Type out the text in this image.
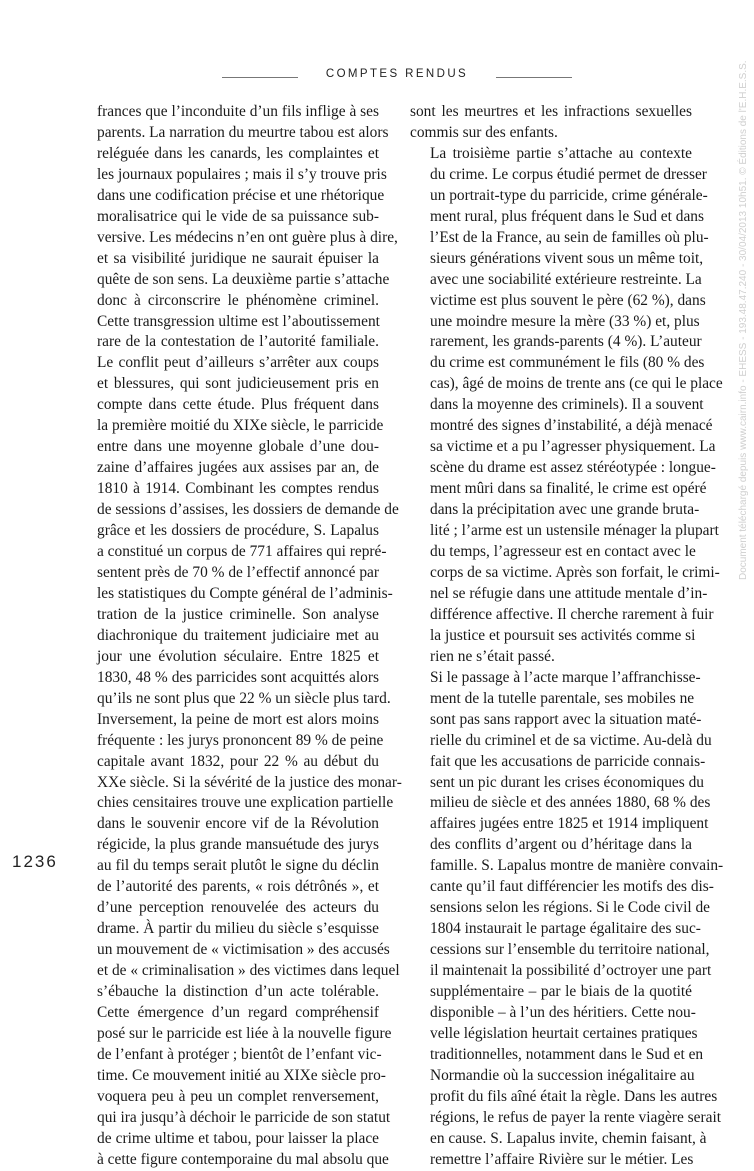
COMPTES RENDUS

frances que l’inconduite d’un fils inflige à ses
parents. La narration du meurtre tabou est alors
reléguée dans les canards, les complaintes et
les journaux populaires ; mais il s’y trouve pris
dans une codification précise et une rhétorique
moralisatrice qui le vide de sa puissance sub-
versive. Les médecins n’en ont guère plus à dire,
et sa visibilité juridique ne saurait épuiser la
quête de son sens. La deuxième partie s’attache
donc à circonscrire le phénomène criminel.
Cette transgression ultime est l’aboutissement
rare de la contestation de l’autorité familiale.
Le conflit peut d’ailleurs s’arrêter aux coups
et blessures, qui sont judicieusement pris en
compte dans cette étude. Plus fréquent dans
la première moitié du XIXe siècle, le parricide
entre dans une moyenne globale d’une dou-
zaine d’affaires jugées aux assises par an, de
1810 à 1914. Combinant les comptes rendus
de sessions d’assises, les dossiers de demande de
grâce et les dossiers de procédure, S. Lapalus
a constitué un corpus de 771 affaires qui repré-
sentent près de 70 % de l’effectif annoncé par
les statistiques du Compte général de l’adminis-
tration de la justice criminelle. Son analyse
diachronique du traitement judiciaire met au
jour une évolution séculaire. Entre 1825 et
1830, 48 % des parricides sont acquittés alors
qu’ils ne sont plus que 22 % un siècle plus tard.
Inversement, la peine de mort est alors moins
fréquente : les jurys prononcent 89 % de peine
capitale avant 1832, pour 22 % au début du
XXe siècle. Si la sévérité de la justice des monar-
chies censitaires trouve une explication partielle
dans le souvenir encore vif de la Révolution
régicide, la plus grande mansuétude des jurys
au fil du temps serait plutôt le signe du déclin
de l’autorité des parents, « rois détrônés », et
d’une perception renouvelée des acteurs du
drame. À partir du milieu du siècle s’esquisse
un mouvement de « victimisation » des accusés
et de « criminalisation » des victimes dans lequel
s’ébauche la distinction d’un acte tolérable.
Cette émergence d’un regard compréhensif
posé sur le parricide est liée à la nouvelle figure
de l’enfant à protéger ; bientôt de l’enfant vic-
time. Ce mouvement initié au XIXe siècle pro-
voquera peu à peu un complet renversement,
qui ira jusqu’à déchoir le parricide de son statut
de crime ultime et tabou, pour laisser la place
à cette figure contemporaine du mal absolu que

sont les meurtres et les infractions sexuelles
commis sur des enfants.

La troisième partie s’attache au contexte
du crime. Le corpus étudié permet de dresser
un portrait-type du parricide, crime générale-
ment rural, plus fréquent dans le Sud et dans
l’Est de la France, au sein de familles où plu-
sieurs générations vivent sous un même toit,
avec une sociabilité extérieure restreinte. La
victime est plus souvent le père (62 %), dans
une moindre mesure la mère (33 %) et, plus
rarement, les grands-parents (4 %). L’auteur
du crime est communément le fils (80 % des
cas), âgé de moins de trente ans (ce qui le place
dans la moyenne des criminels). Il a souvent
montré des signes d’instabilité, a déjà menacé
sa victime et a pu l’agresser physiquement. La
scène du drame est assez stéréotypée : longue-
ment mûri dans sa finalité, le crime est opéré
dans la précipitation avec une grande bruta-
lité ; l’arme est un ustensile ménager la plupart
du temps, l’agresseur est en contact avec le
corps de sa victime. Après son forfait, le crimi-
nel se réfugie dans une attitude mentale d’in-
différence affective. Il cherche rarement à fuir
la justice et poursuit ses activités comme si
rien ne s’était passé.

Si le passage à l’acte marque l’affranchisse-
ment de la tutelle parentale, ses mobiles ne
sont pas sans rapport avec la situation maté-
rielle du criminel et de sa victime. Au-delà du
fait que les accusations de parricide connais-
sent un pic durant les crises économiques du
milieu de siècle et des années 1880, 68 % des
affaires jugées entre 1825 et 1914 impliquent
des conflits d’argent ou d’héritage dans la
famille. S. Lapalus montre de manière convain-
cante qu’il faut différencier les motifs des dis-
sensions selon les régions. Si le Code civil de
1804 instaurait le partage égalitaire des suc-
cessions sur l’ensemble du territoire national,
il maintenait la possibilité d’octroyer une part
supplémentaire – par le biais de la quotité
disponible – à l’un des héritiers. Cette nou-
velle législation heurtait certaines pratiques
traditionnelles, notamment dans le Sud et en
Normandie où la succession inégalitaire au
profit du fils aîné était la règle. Dans les autres
régions, le refus de payer la rente viagère serait
en cause. S. Lapalus invite, chemin faisant, à
remettre l’affaire Rivière sur le métier. Les

1236
Document téléchargé depuis www.cairn.info - EHESS - 193.48.47.240 - 30/04/2013 10h51. © Éditions de l'E.H.E.S.S.
